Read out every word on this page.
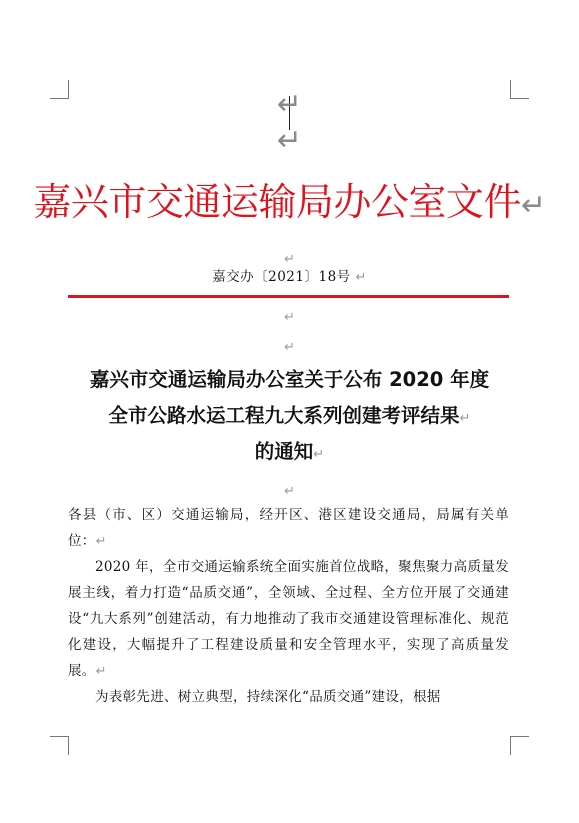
↵
↵
嘉兴市交通运输局办公室文件↵
↵
嘉交办〔2021〕18号 ↵
↵
↵
嘉兴市交通运输局办公室关于公布 2020 年度
全市公路水运工程九大系列创建考评结果↵
的通知↵
↵
各县（市、区）交通运输局，经开区、港区建设交通局，局属有关单位：↵
2020 年，全市交通运输系统全面实施首位战略，聚焦聚力高质量发展主线，着力打造“品质交通”，全领域、全过程、全方位开展了交通建设“九大系列”创建活动，有力地推动了我市交通建设管理标准化、规范化建设，大幅提升了工程建设质量和安全管理水平，实现了高质量发展。↵
为表彰先进、树立典型，持续深化“品质交通”建设，根据
